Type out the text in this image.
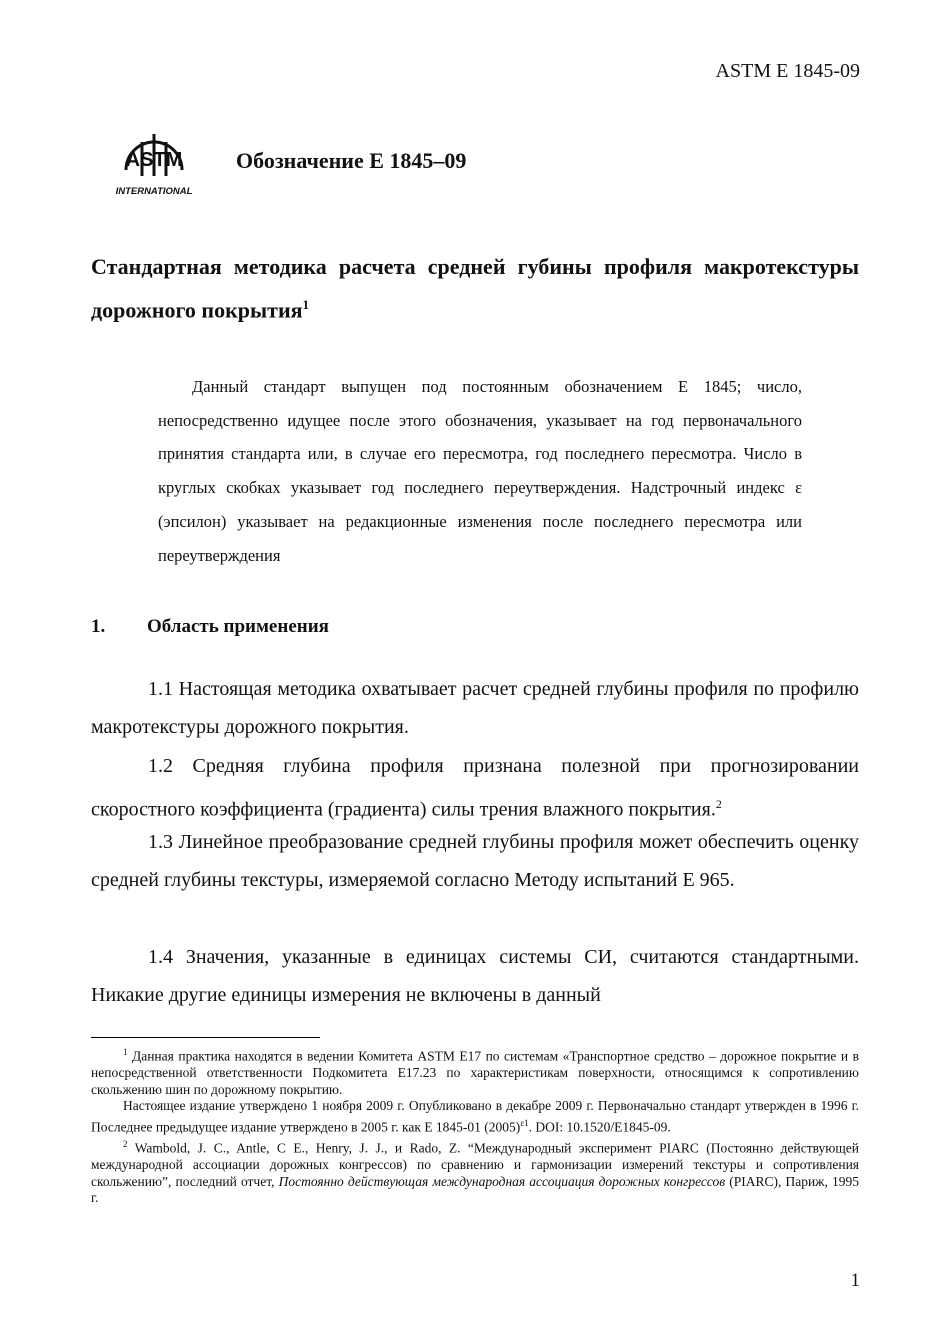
ASTM E 1845-09
ASTM
INTERNATIONAL
Обозначение E 1845–09
Стандартная методика расчета средней губины профиля макротекстуры дорожного покрытия$^1$
Данный стандарт выпущен под постоянным обозначением E 1845; число, непосредственно идущее после этого обозначения, указывает на год первоначального принятия стандарта или, в случае его пересмотра, год последнего пересмотра. Число в круглых скобках указывает год последнего переутверждения. Надстрочный индекс ε (эпсилон) указывает на редакционные изменения после последнего пересмотра или переутверждения
1. Область применения
1.1 Настоящая методика охватывает расчет средней глубины профиля по профилю макротекстуры дорожного покрытия.
1.2 Средняя глубина профиля признана полезной при прогнозировании скоростного коэффициента (градиента) силы трения влажного покрытия.$^2$
1.3 Линейное преобразование средней глубины профиля может обеспечить оценку средней глубины текстуры, измеряемой согласно Методу испытаний E 965.
1.4 Значения, указанные в единицах системы СИ, считаются стандартными. Никакие другие единицы измерения не включены в данный

$^1$ Данная практика находятся в ведении Комитета ASTM E17 по системам «Транспортное средство – дорожное покрытие и в непосредственной ответственности Подкомитета E17.23 по характеристикам поверхности, относящимся к сопротивлению скольжению шин по дорожному покрытию.

Настоящее издание утверждено 1 ноября 2009 г. Опубликовано в декабре 2009 г. Первоначально стандарт утвержден в 1996 г. Последнее предыдущее издание утверждено в 2005 г. как E 1845-01 $(2005)^{\varepsilon 1}$. DOI: 10.1520/E1845-09.

$^2$ Wambold, J. C., Antle, C E., Henry, J. J., и Rado, Z. “Международный эксперимент PIARC (Постоянно действующей международной ассоциации дорожных конгрессов) по сравнению и гармонизации измерений текстуры и сопротивления скольжению”, последний отчет, Постоянно действующая международная ассоциация дорожных конгрессов (PIARC), Париж, 1995 г.

1
